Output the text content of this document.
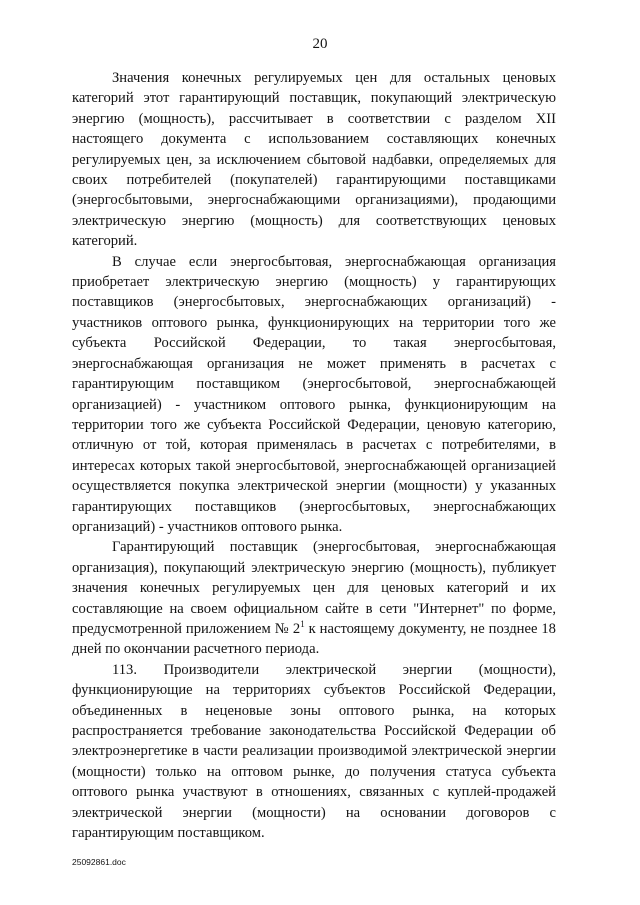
20

Значения конечных регулируемых цен для остальных ценовых категорий этот гарантирующий поставщик, покупающий электрическую энергию (мощность), рассчитывает в соответствии с разделом XII настоящего документа с использованием составляющих конечных регулируемых цен, за исключением сбытовой надбавки, определяемых для своих потребителей (покупателей) гарантирующими поставщиками (энергосбытовыми, энергоснабжающими организациями), продающими электрическую энергию (мощность) для соответствующих ценовых категорий.

В случае если энергосбытовая, энергоснабжающая организация приобретает электрическую энергию (мощность) у гарантирующих поставщиков (энергосбытовых, энергоснабжающих организаций) - участников оптового рынка, функционирующих на территории того же субъекта Российской Федерации, то такая энергосбытовая, энергоснабжающая организация не может применять в расчетах с гарантирующим поставщиком (энергосбытовой, энергоснабжающей организацией) - участником оптового рынка, функционирующим на территории того же субъекта Российской Федерации, ценовую категорию, отличную от той, которая применялась в расчетах с потребителями, в интересах которых такой энергосбытовой, энергоснабжающей организацией осуществляется покупка электрической энергии (мощности) у указанных гарантирующих поставщиков (энергосбытовых, энергоснабжающих организаций) - участников оптового рынка.

Гарантирующий поставщик (энергосбытовая, энергоснабжающая организация), покупающий электрическую энергию (мощность), публикует значения конечных регулируемых цен для ценовых категорий и их составляющие на своем официальном сайте в сети "Интернет" по форме, предусмотренной приложением № $2^1$ к настоящему документу, не позднее 18 дней по окончании расчетного периода.

113. Производители электрической энергии (мощности), функционирующие на территориях субъектов Российской Федерации, объединенных в неценовые зоны оптового рынка, на которых распространяется требование законодательства Российской Федерации об электроэнергетике в части реализации производимой электрической энергии (мощности) только на оптовом рынке, до получения статуса субъекта оптового рынка участвуют в отношениях, связанных с куплей-продажей электрической энергии (мощности) на основании договоров с гарантирующим поставщиком.

25092861.doc
